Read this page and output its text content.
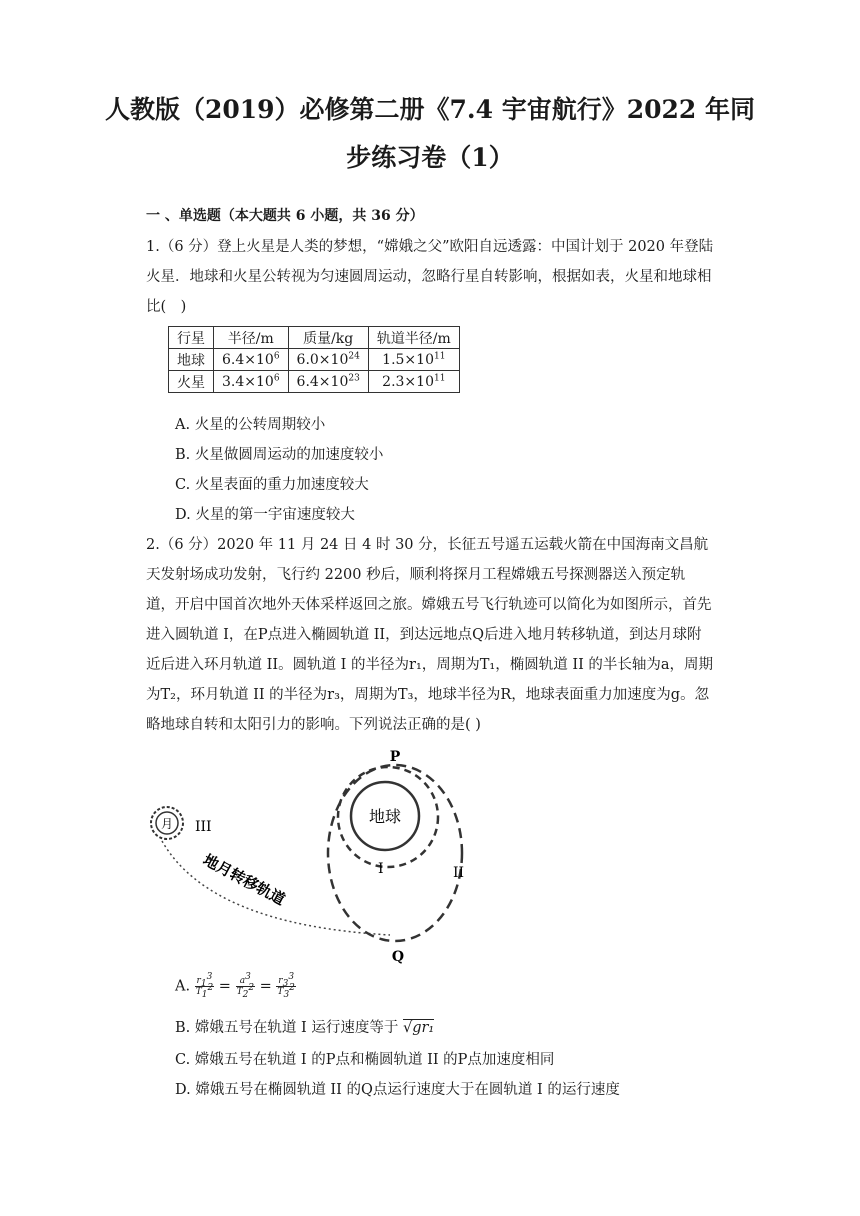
人教版（2019）必修第二册《7.4 宇宙航行》2022 年同
步练习卷（1）
一 、单选题（本大题共 6 小题，共 36 分）
1.（6 分）登上火星是人类的梦想，“嫦娥之父”欧阳自远透露：中国计划于 2020 年登陆火星．地球和火星公转视为匀速圆周运动，忽略行星自转影响，根据如表，火星和地球相比(　)
行星	半径/m	质量/kg	轨道半径/m
地球	$6.4\times 10^6$	$6.0\times 10^{24}$	$1.5\times 10^{11}$
火星	$3.4\times 10^6$	$6.4\times 10^{23}$	$2.3\times 10^{11}$
A. 火星的公转周期较小
B. 火星做圆周运动的加速度较小
C. 火星表面的重力加速度较大
D. 火星的第一宇宙速度较大
2.（6 分）2020 年 11 月 24 日 4 时 30 分，长征五号遥五运载火箭在中国海南文昌航天发射场成功发射，飞行约 2200 秒后，顺利将探月工程嫦娥五号探测器送入预定轨道，开启中国首次地外天体采样返回之旅。嫦娥五号飞行轨迹可以简化为如图所示，首先进入圆轨道 I，在P点进入椭圆轨道 II，到达远地点Q后进入地月转移轨道，到达月球附近后进入环月轨道 II。圆轨道 I 的半径为r₁，周期为T₁，椭圆轨道 II 的半长轴为a，周期为T₂，环月轨道 II 的半径为r₃，周期为T₃，地球半径为R，地球表面重力加速度为g。忽略地球自转和太阳引力的影响。下列说法正确的是( )
月 III
地月转移轨道
地球
P
Q
I	II
A. $\frac{r_1^3}{T_1^2} = \frac{a^3}{T_2^2} = \frac{r_3^3}{T_3^2}$
B. 嫦娥五号在轨道 I 运行速度等于 √gr₁
C. 嫦娥五号在轨道 I 的P点和椭圆轨道 II 的P点加速度相同
D. 嫦娥五号在椭圆轨道 II 的Q点运行速度大于在圆轨道 I 的运行速度
